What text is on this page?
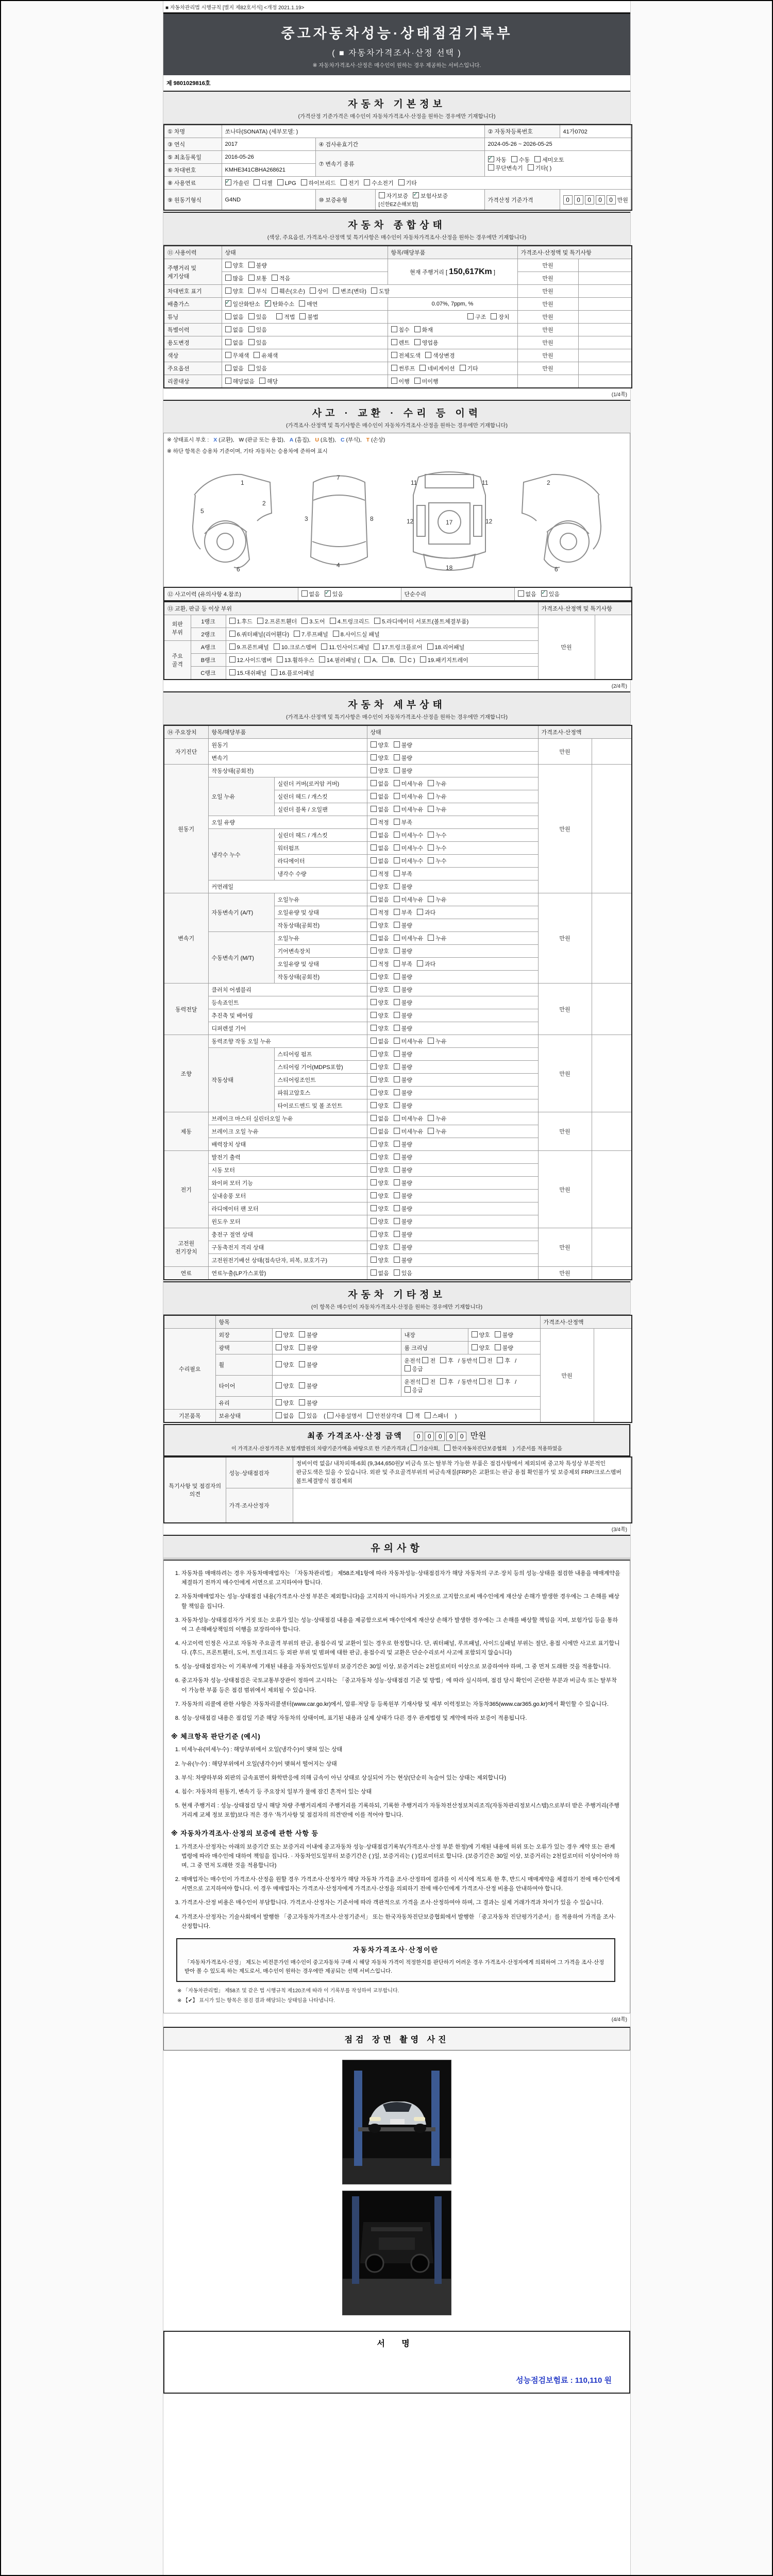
■ 자동차관리법 시행규칙 [별지 제82호서식] <개정 2021.1.19>
중고자동차성능·상태점검기록부
( ■ 자동차가격조사·산정 선택 )
※ 자동차가격조사·산정은 매수인이 원하는 경우 제공하는 서비스입니다.
제 9801029816호
자동차 기본정보
(가격산정 기준가격은 매수인이 자동차가격조사·산정을 원하는 경우에만 기재합니다)
① 차명	쏘나타(SONATA) (세부모델: )			② 자동차등록번호	41가0702
③ 연식	2017	④ 검사유효기간		2024-05-26 ~ 2026-05-25	
⑤ 최초등록일	2016-05-26	⑦ 변속기 종류	
✓자동 수동 세미오토
무단변속기 기타( )

⑥ 차대번호	KMHE341CBHA268621				
⑧ 사용연료	✓가솔린 디젤 LPG 하이브리드 전기 수소전기 기타
⑨ 원동기형식	G4ND	⑩ 보증유형	자기보증 ✓ 보험사보증 [신한EZ손해보험]	가격산정 기준가격	0 0 0 0 0 만원
자동차 종합상태
(색상, 주요옵션, 가격조사·산정액 및 특기사항은 매수인이 자동차가격조사·산정을 원하는 경우에만 기재합니다)
⑪ 사용이력	상태	항목/해당부품	가격조사·산정액 및 특기사항	
주행거리 및 계기상태	양호 불량	현재 주행거리 [ 150,617Km ]	만원	
	많음 보통 적음		만원	
차대번호 표기	양호 부식 훼손(오손) 상이 변조(변타) 도말		만원	
배출가스	✓일산화탄소 ✓ 탄화수소 매연	0.07%, 7ppm, %	만원	
튜닝	없음 있음 적법 불법	구조 장치	만원	
특별이력	없음 있음	침수 화재	만원	
용도변경	없음 있음	렌트 영업용	만원	
색상	무채색 유채색	전체도색 색상변경	만원	
주요옵션	없음 있음	썬루프 네비게이션 기타	만원	
리콜대상	해당없음 해당	이행 미이행		
(1/4쪽)
사고 · 교환 · 수리 등 이력
(가격조사·산정액 및 특기사항은 매수인이 자동차가격조사·산정을 원하는 경우에만 기재합니다)
※ 상태표시 부호 : X (교환), W (판금 또는 용접), A (흠집), U (요철), C (부식), T (손상)
※ 하단 항목은 승용차 기준이며, 기타 자동차는 승용차에 준하여 표시
1
2
5
6
7
3
4
8
11	11
12	12
17
18
2
6
⑫ 사고이력 (유의사항 4.참조)	없음 ✓ 있음	단순수리	없음 ✓ 있음
⑬ 교환, 판금 등 이상 부위			가격조사·산정액 및 특기사항	
외판 부위	1랭크	1.후드 2.프론트휀더 3.도어 4.트렁크리드 5.라디에이터 서포트(볼트체결부품)	만원	
	2랭크	6.쿼터패널(리어휀다) 7.루프패널 8.사이드실 패널		
주요 골격	A랭크	9.프론트패널 10.크로스멤버 11.인사이드패널 17.트렁크플로어 18.리어패널		
	B랭크	12.사이드멤버 13.휠하우스 14.필러패널 ( A, B, C ) 19.패키지트레이		
	C랭크	15.대쉬패널 16.플로어패널		
(2/4쪽)
자동차 세부상태
(가격조사·산정액 및 특기사항은 매수인이 자동차가격조사·산정을 원하는 경우에만 기재합니다)
⑭ 주요장치	항목/해당부품		상태	가격조사·산정액	
자기진단	원동기		양호 불량	만원	
	변속기		양호 불량		
원동기	작동상태(공회전)		양호 불량	만원	
	오일 누유	실린더 커버(로커암 커버)	없음 미세누유 누유		
		실린더 헤드 / 개스킷	없음 미세누유 누유		
		실린더 블록 / 오일팬	없음 미세누유 누유		
	오일 유량		적정 부족		
	냉각수 누수	실린더 헤드 / 개스킷	없음 미세누수 누수		
		워터펌프	없음 미세누수 누수		
		라디에이터	없음 미세누수 누수		
		냉각수 수량	적정 부족		
	커먼레일		양호 불량		
변속기	자동변속기 (A/T)	오일누유	없음 미세누유 누유	만원	
		오일유량 및 상태	적정 부족 과다		
		작동상태(공회전)	양호 불량		
	수동변속기 (M/T)	오일누유	없음 미세누유 누유		
		기어변속장치	양호 불량		
		오일유량 및 상태	적정 부족 과다		
		작동상태(공회전)	양호 불량		
동력전달	클러치 어셈블리		양호 불량	만원	
	등속죠인트		양호 불량		
	추진축 및 베어링		양호 불량		
	디퍼렌셜 기어		양호 불량		
조향	동력조향 작동 오일 누유		없음 미세누유 누유	만원	
	작동상태	스티어링 펌프	양호 불량		
		스티어링 기어(MDPS포함)	양호 불량		
		스티어링조인트	양호 불량		
		파워고압호스	양호 불량		
		타이로드엔드 및 볼 조인트	양호 불량		
제동	브레이크 마스터 실린더오일 누유		없음 미세누유 누유	만원	
	브레이크 오일 누유		없음 미세누유 누유		
	배력장치 상태		양호 불량		
전기	발전기 출력		양호 불량	만원	
	시동 모터		양호 불량		
	와이퍼 모터 기능		양호 불량		
	실내송풍 모터		양호 불량		
	라디에이터 팬 모터		양호 불량		
	윈도우 모터		양호 불량		
고전원 전기장치	충전구 절연 상태		양호 불량	만원	
	구동축전지 격리 상태		양호 불량		
	고전원전기배선 상태(접속단자, 피복, 보호기구)		양호 불량		
연료	연료누출(LP가스포함)		없음 있음	만원	
자동차 기타정보
(이 항목은 매수인이 자동차가격조사·산정을 원하는 경우에만 기재합니다)
	항목				가격조사·산정액	
수리필요	외장	양호 불량	내장	양호 불량	만원	
	광택	양호 불량	룸 크리닝	양호 불량		
	휠	양호 불량	운전석 전 후 / 동반석 전 후 / 응급			
	타이어	양호 불량	운전석 전 후 / 동반석 전 후 / 응급			
	유리	양호 불량				
기본품목	보유상태	없음 있음 ( 사용설명서 안전삼각대 잭 스패너 )				
최종 가격조사·산정 금액 0 0 0 0 0 만원
이 가격조사·산정가격은 보험개발원의 차량기준가액을 바탕으로 한 기준가격과 ( 기술사회, 한국자동차진단보증협회 ) 기준서를 적용하였음
특기사항 및 점검자의 의견	성능·상태점검자	정비이력 없음/ 내차피해-6회 (9,344,650원)/ 비금속 또는 탈부착 가능한 부품은 점검사항에서 제외되며 중고차 특성상 부분적인 판금도색은 있을 수 있습니다. 외판 및 주요골격부위의 비금속재질(FRP)은 교환또는 판금 용접 확인불가 및 보증제외 FRP/크로스멤버 볼트체결방식 점검제외
	가격·조사산정자	
(3/4쪽)
유의사항
1. 자동차를 매매하려는 경우 자동차매매업자는 「자동차관리법」 제58조제1항에 따라 자동차성능·상태점검자가 해당 자동차의 구조·장치 등의 성능·상태를 점검한 내용을 매매계약을 체결하기 전까지 매수인에게 서면으로 고지하여야 합니다.
2. 자동차매매업자는 성능·상태점검 내용(가격조사·산정 부분은 제외합니다)을 고지하지 아니하거나 거짓으로 고지함으로써 매수인에게 재산상 손해가 발생한 경우에는 그 손해를 배상할 책임을 집니다.
3. 자동차성능·상태점검자가 거짓 또는 오류가 있는 성능·상태점검 내용을 제공함으로써 매수인에게 재산상 손해가 발생한 경우에는 그 손해를 배상할 책임을 지며, 보험가입 등을 통하여 그 손해배상책임의 이행을 보장하여야 합니다.
4. 사고이력 인정은 사고로 자동차 주요골격 부위의 판금, 용접수리 및 교환이 있는 경우로 한정합니다. 단, 쿼터패널, 루프패널, 사이드실패널 부위는 절단, 용접 시에만 사고로 표기합니다. (후드, 프론트휀더, 도어, 트렁크리드 등 외판 부위 및 범퍼에 대한 판금, 용접수리 및 교환은 단순수리로서 사고에 포함되지 않습니다)
5. 성능·상태점검자는 이 기록부에 기재된 내용을 자동차인도일부터 보증기간은 30일 이상, 보증거리는 2천킬로미터 이상으로 보증하여야 하며, 그 중 먼저 도래한 것을 적용합니다.
6. 중고자동차 성능·상태점검은 국토교통부장관이 정하여 고시하는 「중고자동차 성능·상태점검 기준 및 방법」에 따라 실시하며, 점검 당시 확인이 곤란한 부분과 비금속 또는 탈부착이 가능한 부품 등은 점검 범위에서 제외될 수 있습니다.
7. 자동차의 리콜에 관한 사항은 자동차리콜센터(www.car.go.kr)에서, 압류·저당 등 등록원부 기재사항 및 세부 이력정보는 자동차365(www.car365.go.kr)에서 확인할 수 있습니다.
8. 성능·상태점검 내용은 점검일 기준 해당 자동차의 상태이며, 표기된 내용과 실제 상태가 다른 경우 관계법령 및 계약에 따라 보증이 적용됩니다.
※ 체크항목 판단기준 (예시)
1. 미세누유(미세누수) : 해당부위에서 오일(냉각수)이 맺혀 있는 상태
2. 누유(누수) : 해당부위에서 오일(냉각수)이 맺혀서 떨어지는 상태
3. 부식: 차량하부와 외판의 금속표면이 화학반응에 의해 금속이 아닌 상태로 상실되어 가는 현상(단순히 녹슬어 있는 상태는 제외합니다)
4. 침수: 자동차의 원동기, 변속기 등 주요장치 일부가 물에 잠긴 흔적이 있는 상태
5. 현재 주행거리 : 성능·상태점검 당시 해당 차량 주행거리계의 주행거리를 기록하되, 기록한 주행거리가 자동차전산정보처리조직(자동차관리정보시스템)으로부터 받은 주행거리(주행거리계 교체 정보 포함)보다 적은 경우 '특기사항 및 점검자의 의견'란에 이를 적어야 합니다.
※ 자동차가격조사·산정의 보증에 관한 사항 등
1. 가격조사·산정자는 아래의 보증기간 또는 보증거리 이내에 중고자동차 성능·상태점검기록부(가격조사·산정 부분 한정)에 기재된 내용에 허위 또는 오류가 있는 경우 계약 또는 관계법령에 따라 매수인에 대하여 책임을 집니다. · 자동차인도일부터 보증기간은 ( )일, 보증거리는 ( )킬로미터로 합니다. (보증기간은 30일 이상, 보증거리는 2천킬로미터 이상이어야 하며, 그 중 먼저 도래한 것을 적용합니다)
2. 매매업자는 매수인이 가격조사·산정을 원할 경우 가격조사·산정자가 해당 자동차 가격을 조사·산정하여 결과를 이 서식에 적도록 한 후, 반드시 매매계약을 체결하기 전에 매수인에게 서면으로 고지하여야 합니다. 이 경우 매매업자는 가격조사·산정자에게 가격조사·산정을 의뢰하기 전에 매수인에게 가격조사·산정 비용을 안내하여야 합니다.
3. 가격조사·산정 비용은 매수인이 부담합니다. 가격조사·산정자는 기준서에 따라 객관적으로 가격을 조사·산정하여야 하며, 그 결과는 실제 거래가격과 차이가 있을 수 있습니다.
4. 가격조사·산정자는 기술사회에서 발행한 「중고자동차가격조사·산정기준서」 또는 한국자동차진단보증협회에서 발행한 「중고자동차 진단평가기준서」를 적용하여 가격을 조사·산정합니다.
자동차가격조사·산정이란
「자동차가격조사·산정」 제도는 비전문가인 매수인이 중고자동차 구매 시 해당 자동차 가격이 적정한지를 판단하기 어려운 경우 가격조사·산정자에게 의뢰하여 그 가격을 조사·산정 받아 볼 수 있도록 하는 제도로서, 매수인이 원하는 경우에만 제공되는 선택 서비스입니다.
※ 「자동차관리법」 제58조 및 같은 법 시행규칙 제120조에 따라 이 기록부를 작성하여 교부합니다.
※ 【✔】 표시가 있는 항목은 점검 결과 해당되는 상태임을 나타냅니다.
(4/4쪽)
점검 장면 촬영 사진
서 명
성능점검보험료 : 110,110 원
